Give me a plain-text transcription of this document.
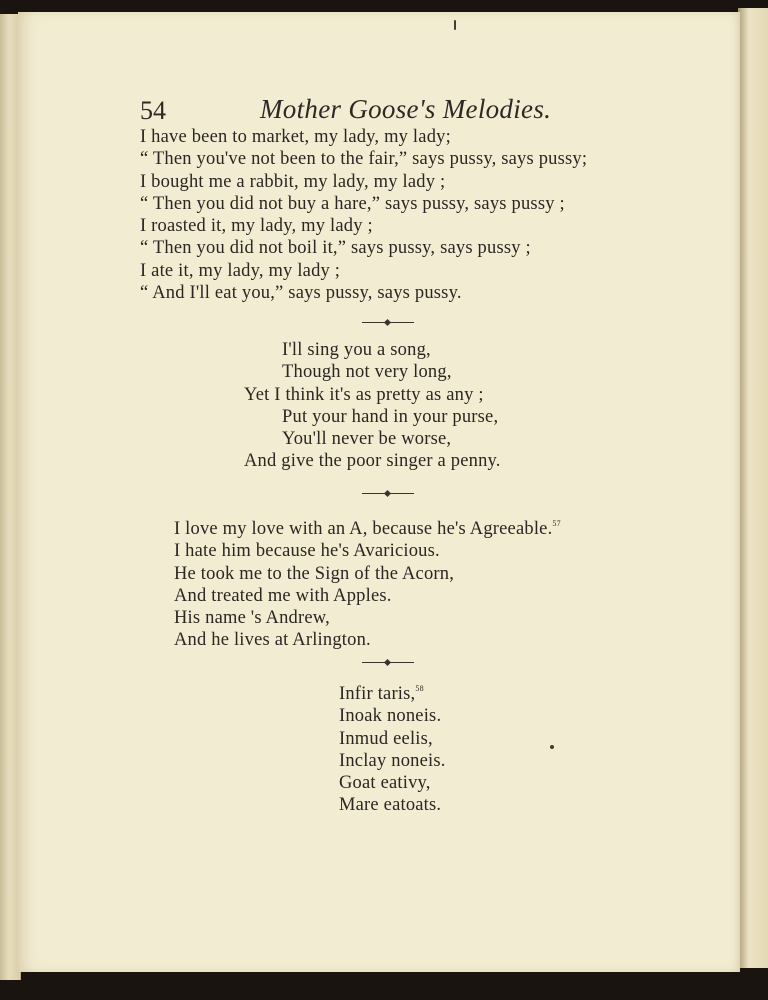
54	Mother Goose's Melodies.
I have been to market, my lady, my lady;
“ Then you've not been to the fair,” says pussy, says pussy;
I bought me a rabbit, my lady, my lady ;
“ Then you did not buy a hare,” says pussy, says pussy ;
I roasted it, my lady, my lady ;
“ Then you did not boil it,” says pussy, says pussy ;
I ate it, my lady, my lady ;
“ And I'll eat you,” says pussy, says pussy.
I'll sing you a song,
Though not very long,
Yet I think it's as pretty as any ;
Put your hand in your purse,
You'll never be worse,
And give the poor singer a penny.
I love my love with an A, because he's Agreeable.$^{57}$
I hate him because he's Avaricious.
He took me to the Sign of the Acorn,
And treated me with Apples.
His name 's Andrew,
And he lives at Arlington.
Infir taris,$^{58}$
Inoak noneis.
Inmud eelis,
Inclay noneis.
Goat eativy,
Mare eatoats.
